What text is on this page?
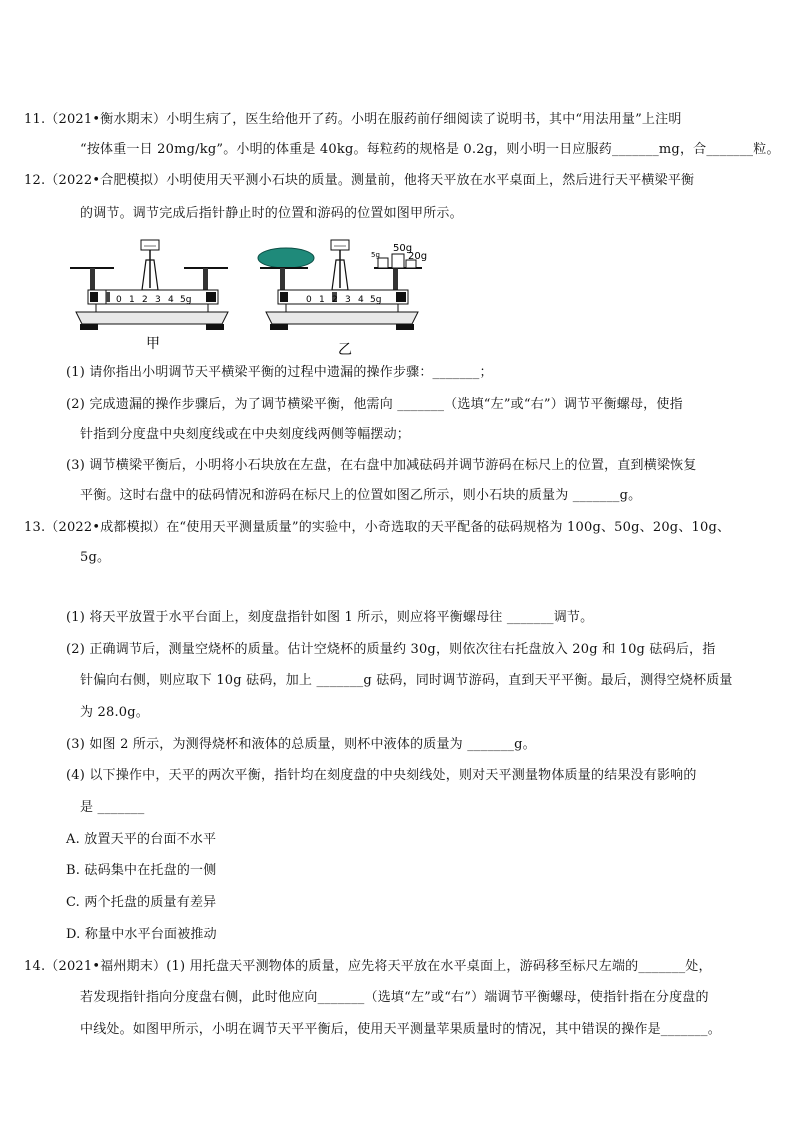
11.（2021•衡水期末）小明生病了，医生给他开了药。小明在服药前仔细阅读了说明书，其中“用法用量”上注明
“按体重一日 20mg/kg”。小明的体重是 40kg。每粒药的规格是 0.2g，则小明一日应服药_______mg，合_______粒。
12.（2022•合肥模拟）小明使用天平测小石块的质量。测量前，他将天平放在水平桌面上，然后进行天平横梁平衡
的调节。调节完成后指针静止时的位置和游码的位置如图甲所示。
0 1 2 3 4 5g
甲
50g
5g	20g
0 1 2 3 4 5g
乙
(1) 请你指出小明调节天平横梁平衡的过程中遗漏的操作步骤：_______；
(2) 完成遗漏的操作步骤后，为了调节横梁平衡，他需向 _______（选填“左”或“右”）调节平衡螺母，使指
针指到分度盘中央刻度线或在中央刻度线两侧等幅摆动；
(3) 调节横梁平衡后，小明将小石块放在左盘，在右盘中加减砝码并调节游码在标尺上的位置，直到横梁恢复
平衡。这时右盘中的砝码情况和游码在标尺上的位置如图乙所示，则小石块的质量为 _______g。
13.（2022•成都模拟）在“使用天平测量质量”的实验中，小奇选取的天平配备的砝码规格为 100g、50g、20g、10g、
5g。
(1) 将天平放置于水平台面上，刻度盘指针如图 1 所示，则应将平衡螺母往 _______调节。
(2) 正确调节后，测量空烧杯的质量。估计空烧杯的质量约 30g，则依次往右托盘放入 20g 和 10g 砝码后，指
针偏向右侧，则应取下 10g 砝码，加上 _______g 砝码，同时调节游码，直到天平平衡。最后，测得空烧杯质量
为 28.0g。
(3) 如图 2 所示，为测得烧杯和液体的总质量，则杯中液体的质量为 _______g。
(4) 以下操作中，天平的两次平衡，指针均在刻度盘的中央刻线处，则对天平测量物体质量的结果没有影响的
是 _______
A. 放置天平的台面不水平
B. 砝码集中在托盘的一侧
C. 两个托盘的质量有差异
D. 称量中水平台面被推动
14.（2021•福州期末）(1) 用托盘天平测物体的质量，应先将天平放在水平桌面上，游码移至标尺左端的_______处，
若发现指针指向分度盘右侧，此时他应向_______（选填“左”或“右”）端调节平衡螺母，使指针指在分度盘的
中线处。如图甲所示，小明在调节天平平衡后，使用天平测量苹果质量时的情况，其中错误的操作是_______。
